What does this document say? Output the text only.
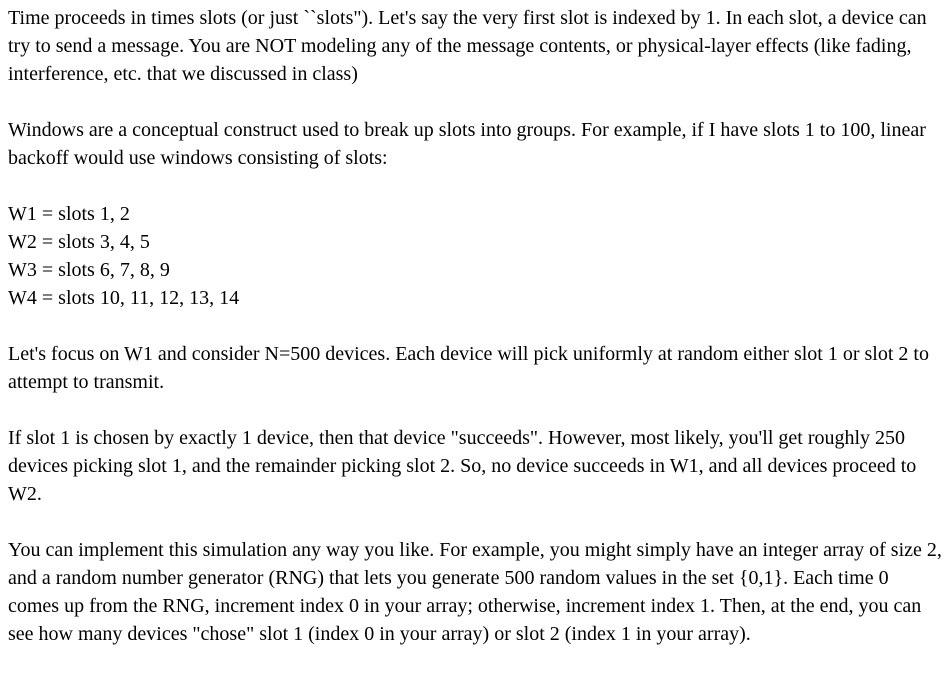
Time proceeds in times slots (or just ``slots"). Let's say the very first slot is indexed by 1. In each slot, a device can try to send a message. You are NOT modeling any of the message contents, or physical-layer effects (like fading, interference, etc. that we discussed in class)

Windows are a conceptual construct used to break up slots into groups. For example, if I have slots 1 to 100, linear backoff would use windows consisting of slots:

W1 = slots 1, 2
W2 = slots 3, 4, 5
W3 = slots 6, 7, 8, 9
W4 = slots 10, 11, 12, 13, 14

Let's focus on W1 and consider N=500 devices. Each device will pick uniformly at random either slot 1 or slot 2 to attempt to transmit.

If slot 1 is chosen by exactly 1 device, then that device "succeeds". However, most likely, you'll get roughly 250 devices picking slot 1, and the remainder picking slot 2. So, no device succeeds in W1, and all devices proceed to W2.

You can implement this simulation any way you like. For example, you might simply have an integer array of size 2, and a random number generator (RNG) that lets you generate 500 random values in the set {0,1}. Each time 0 comes up from the RNG, increment index 0 in your array; otherwise, increment index 1. Then, at the end, you can see how many devices "chose" slot 1 (index 0 in your array) or slot 2 (index 1 in your array).
